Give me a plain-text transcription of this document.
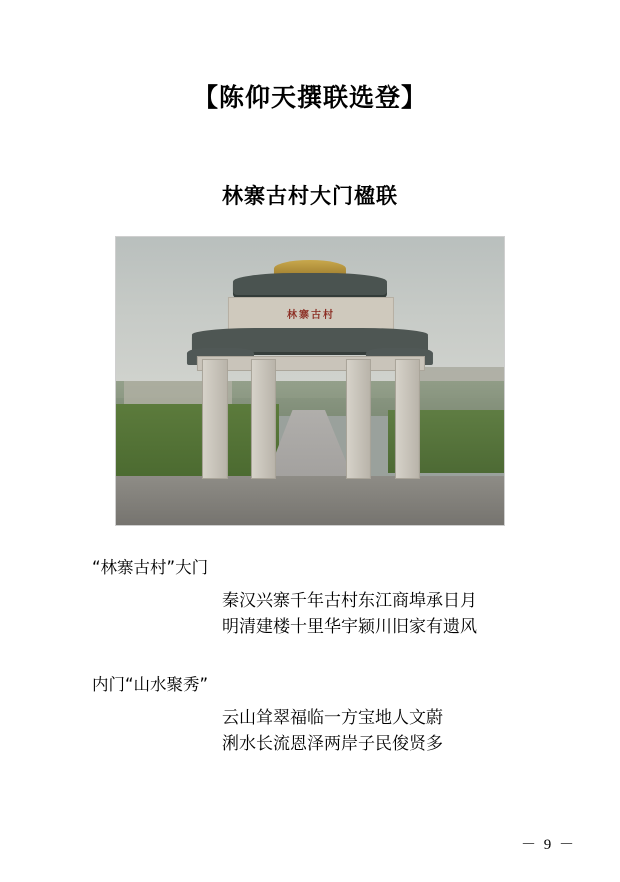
【陈仰天撰联选登】
林寨古村大门楹联
林寨古村
“林寨古村”大门
秦汉兴寨千年古村东江商埠承日月
明清建楼十里华宇颍川旧家有遗风
内门“山水聚秀”
云山耸翠福临一方宝地人文蔚
浰水长流恩泽两岸子民俊贤多
－ 9 －
